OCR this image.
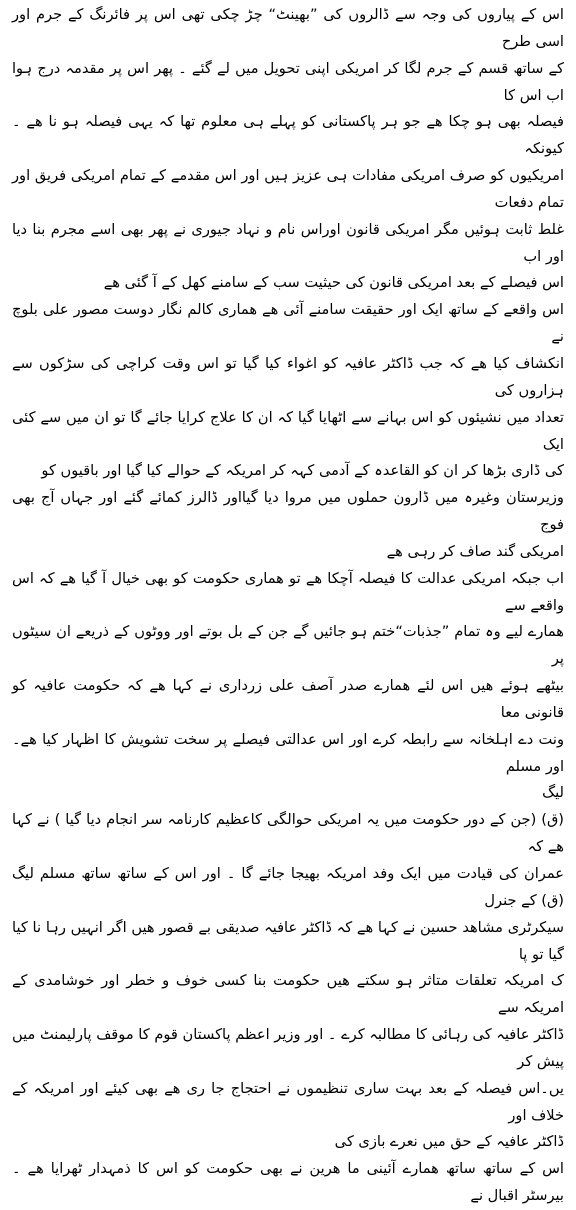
اس کے پیاروں کی وجہ سے ڈالروں کی ”بھینٹ“ چڑ چکی تھی اس پر فائرنگ کے جرم اور اسی طرح
کے ساتھ قسم کے جرم لگا کر امریکی اپنی تحویل میں لے گئے ۔ پھر اس پر مقدمہ درج ہوا اب اس کا
فیصلہ بھی ہو چکا ھے جو ہر پاکستانی کو پہلے ہی معلوم تھا کہ یہی فیصلہ ہو نا ھے ۔ کیونکہ
امریکیوں کو صرف امریکی مفادات ہی عزیز ہیں اور اس مقدمے کے تمام امریکی فریق اور تمام دفعات
غلط ثابت ہوئیں مگر امریکی قانون اوراس نام و نہاد جیوری نے پھر بھی اسے مجرم بنا دیا اور اب
اس فیصلے کے بعد امریکی قانون کی حیثیت سب کے سامنے کھل کے آ گئی ھے

اس واقعے کے ساتھ ایک اور حقیقت سامنے آئی ھے ھماری کالم نگار دوست مصور علی بلوچ نے
انکشاف کیا ھے کہ جب ڈاکٹر عافیہ کو اغواء کیا گیا تو اس وقت کراچی کی سڑکوں سے ہزاروں کی
تعداد میں نشیئوں کو اس بہانے سے اٹھایا گیا کہ ان کا علاج کرایا جائے گا تو ان میں سے کئی ایک
کی ڈاری بڑھا کر ان کو القاعدہ کے آدمی کہہ کر امریکہ کے حوالے کیا گیا اور باقیوں کو
وزیرستان وغیرہ میں ڈارون حملوں میں مروا دیا گیااور ڈالرز کمائے گئے اور جہاں آج بھی فوج
امریکی گند صاف کر رہی ھے

اب جبکہ امریکی عدالت کا فیصلہ آچکا ھے تو ھماری حکومت کو بھی خیال آ گیا ھے کہ اس واقعے سے
ھمارے لیے وہ تمام ”جذبات“ختم ہو جائیں گے جن کے بل بوتے اور ووٹوں کے ذریعے ان سیٹوں پر
بیٹھے ہوئے ھیں اس لئے ھمارے صدر آصف علی زرداری نے کہا ھے کہ حکومت عافیہ کو قانونی معا
ونت دے اہلخانہ سے رابطہ کرے اور اس عدالتی فیصلے پر سخت تشویش کا اظہار کیا ھے۔اور مسلم
لیگ

(ق) (جن کے دور حکومت میں یہ امریکی حوالگی کاعظیم کارنامہ سر انجام دیا گیا ) نے کہا ھے کہ
عمران کی قیادت میں ایک وفد امریکہ بھیجا جائے گا ۔ اور اس کے ساتھ ساتھ مسلم لیگ (ق) کے جنرل
سیکرٹری مشاھد حسین نے کہا ھے کہ ڈاکٹر عافیہ صدیقی بے قصور ھیں اگر انہیں رہا نا کیا گیا تو پا
ک امریکہ تعلقات متاثر ہو سکتے ھیں حکومت بنا کسی خوف و خطر اور خوشامدی کے امریکہ سے
ڈاکٹر عافیہ کی رہائی کا مطالبہ کرے ۔ اور وزیر اعظم پاکستان قوم کا موقف پارلیمنٹ میں پیش کر
یں۔اس فیصلہ کے بعد بہت ساری تنظیموں نے احتجاج جا ری ھے بھی کیئے اور امریکہ کے خلاف اور
ڈاکٹر عافیہ کے حق میں نعرے بازی کی

اس کے ساتھ ساتھ ھمارے آئینی ما ھرین نے بھی حکومت کو اس کا ذمہدار ٹھرایا ھے ۔ بیرسٹر اقبال نے
